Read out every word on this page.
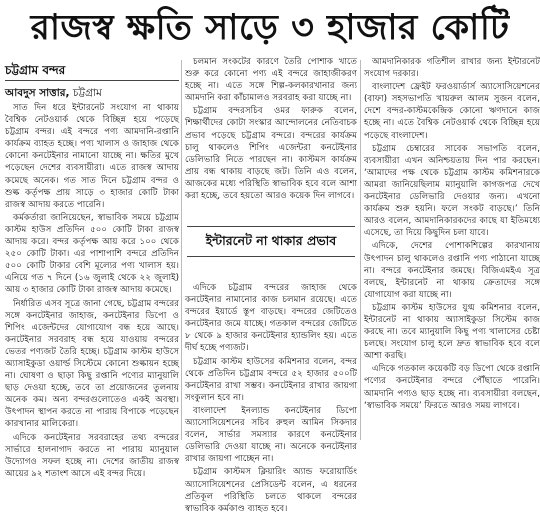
রাজস্ব ক্ষতি সাড়ে ৩ হাজার কোটি
চট্টগ্রাম বন্দর
আবদুস সাত্তার, চট্টগ্রাম

সাত দিন ধরে ইন্টারনেট সংযোগ না থাকায় বৈশ্বিক নেটওয়ার্ক থেকে বিচ্ছিন্ন হয়ে পড়েছে চট্টগ্রাম বন্দর। এই বন্দরে পণ্য আমদানি-রপ্তানি কার্যক্রম ব্যাহত হচ্ছে। পণ্য খালাস ও জাহাজ থেকে কোনো কনটেইনার নামানো যাচ্ছে না। ক্ষতির মুখে পড়েছেন দেশের ব্যবসায়ীরা। এতে রাজস্ব আদায় কমেছে অনেক। গত সাত দিনে চট্টগ্রাম বন্দর ও শুল্ক কর্তৃপক্ষ প্রায় সাড়ে ৩ হাজার কোটি টাকা রাজস্ব আদায় করতে পারেনি।

কর্মকর্তারা জানিয়েছেন, স্বাভাবিক সময়ে চট্টগ্রাম কাস্টম হাউস প্রতিদিন ৫০০ কোটি টাকা রাজস্ব আদায় করে। বন্দর কর্তৃপক্ষ আয় করে ১০০ থেকে ২৫০ কোটি টাকা। এর পাশাপাশি বন্দরে প্রতিদিন ৫০০ কোটি টাকার বেশি মূল্যের পণ্য খালাস হয়। এনিয়ে গত ৭ দিনে (১৬ জুলাই থেকে ২২ জুলাই) আয় ৩ হাজার কোটি টাকা রাজস্ব আদায় কমেছে।

নির্ধারিত এসব সূত্রে জানা গেছে, চট্টগ্রাম বন্দরের সঙ্গে কনটেইনার জাহাজ, কনটেইনার ডিপো ও শিপিং এজেন্টদের যোগাযোগ বন্ধ হয়ে আছে। কনটেইনার সরবরাহ বন্ধ হয়ে যাওয়ায় বন্দরের ভেতর পণ্যজট তৈরি হচ্ছে। চট্টগ্রাম কাস্টম হাউসে অ্যাসাইকুডা ওয়ার্ল্ড সিস্টেমে কোনো শুল্কায়ন হচ্ছে না। ঘোষণা ও ছাড়া কিছু রপ্তানি পণ্যের ম্যানুয়ালি ছাড় দেওয়া হচ্ছে, তবে তা প্রয়োজনের তুলনায় অনেক কম। অন্য বন্দরগুলোতেও একই অবস্থা। উৎপাদন স্থাপন করতে না পারায় বিপাকে পড়েছেন কারখানার মালিকেরা।

এদিকে কনটেইনার সরবরাহের তথ্য বন্দরের সার্ভারে হালনাগাদ করতে না পারায় ম্যানুয়াল উদ্যোগও সফল হচ্ছে না। দেশের জাতীয় রাজস্ব আয়ের ৯২ শতাংশ আসে এই বন্দর দিয়ে।

চলমান সংকটের কারণে তৈরি পোশাক খাতে শুরু করে কোনো পণ্য এই বন্দরে জাহাজীকরণ হচ্ছে না। এতে সঙ্গে শিল্প-কলকারখানার জন্য আমদানি করা কাঁচামালও সরবরাহ করা যাচ্ছে না।

চট্টগ্রাম বন্দরসচিব ওমর ফারুক বলেন, শিক্ষার্থীদের কোটা সংস্কার আন্দোলনের নেতিবাচক প্রভাব পড়েছে চট্টগ্রাম বন্দরে। বন্দরের কার্যক্রম চালু থাকলেও শিপিং এজেন্টরা কনটেইনার ডেলিভারি নিতে পারছেন না। কাস্টমস কার্যক্রম প্রায় বন্ধ থাকায় বাড়ছে জট। তিনি এও বলেন, আজকের মধ্যে পরিস্থিতি স্বাভাবিক হবে বলে আশা করা হচ্ছে, তবে হয়তো আরও কয়েক দিন লাগবে।

এদিকে চট্টগ্রাম বন্দরের জাহাজ থেকে কনটেইনার নামানোর কাজ চলমান রয়েছে। এতে বন্দরের ইয়ার্ডে স্তূপ বাড়ছে। বন্দরের জেটিতেও কনটেইনার জমে যাচ্ছে। গতকাল বন্দরের জেটিতে ৮ থেকে ৯ হাজার কনটেইনার হ্যান্ডলিং হয়। এতে দীর্ঘ হচ্ছে পণ্যজট।

চট্টগ্রাম কাস্টম হাউসের কমিশনার বলেন, বন্দর থেকে প্রতিদিন চট্টগ্রাম বন্দরে ৫২ হাজার ৫০০টি কনটেইনার রাখা সম্ভব। কনটেইনার রাখার জায়গা সংকুলান হবে না।

বাংলাদেশ ইনল্যান্ড কনটেইনার ডিপো অ্যাসোসিয়েশনের সচিব রুহুল আমিন সিকদার বলেন, সার্ভার সমস্যার কারণে কনটেইনার ডেলিভারি দেওয়া যাচ্ছে না। অনেকে কনটেইনার রাখার জায়গা পাচ্ছেন না।

চট্টগ্রাম কাস্টমস ক্লিয়ারিং অ্যান্ড ফরোয়ার্ডিং অ্যাসোসিয়েশনের প্রেসিডেন্ট বলেন, এ ধরনের প্রতিকূল পরিস্থিতি চলতে থাকলে বন্দরের স্বাভাবিক কর্মকাণ্ড ব্যাহত হবে।

ইন্টারনেট না থাকার প্রভাব

আমদানিকারক গতিশীল রাখার জন্য ইন্টারনেট সংযোগ দরকার।

বাংলাদেশ ফ্রেইট ফরওয়ার্ডার্স অ্যাসোসিয়েশনের (বাফা) সহসভাপতি খায়রুল আলম সুজন বলেন, দেশে বন্দর-কাস্টমকেন্দ্রিক কোনো ঋণদানে কাজ হচ্ছে না। এতে বৈশ্বিক নেটওয়ার্ক থেকে বিচ্ছিন্ন হয়ে পড়েছে বাংলাদেশ।

চট্টগ্রাম চেম্বারের সাবেক সভাপতি বলেন, ব্যবসায়ীরা এখন অনিশ্চয়তায় দিন পার করছেন। ‘আমাদের পক্ষ থেকে চট্টগ্রাম কাস্টম কমিশনারকে আমরা জানিয়েছিলাম ম্যানুয়ালি কাগজপত্র দেখে কনটেইনার ডেলিভারি দেওয়ার জন্য। এখনো কার্যক্রম শুরু হয়নি। ফলে সংকট বাড়ছে।’ তিনি আরও বলেন, আমদানিকারকদের কাছে যা ইতিমধ্যে এসেছে, তা দিয়ে কিছুদিন চলা যাবে।

এদিকে, দেশের পোশাকশিল্পের কারখানায় উৎপাদন চালু থাকলেও রপ্তানি পণ্য পাঠানো যাচ্ছে না। বন্দরে কনটেইনার জমছে। বিজিএমইএ সূত্র বলছে, ইন্টারনেট না থাকায় ক্রেতাদের সঙ্গে যোগাযোগ করা যাচ্ছে না।

চট্টগ্রাম কাস্টম হাউসের যুগ্ম কমিশনার বলেন, ইন্টারনেট না থাকায় অ্যাসাইকুডা সিস্টেম কাজ করছে না। তবে ম্যানুয়ালি কিছু পণ্য খালাসের চেষ্টা চলছে। সংযোগ চালু হলে দ্রুত স্বাভাবিক হবে বলে আশা করছি।

এদিকে গতকাল কয়েকটি বড় ডিপো থেকে রপ্তানি পণ্যের কনটেইনার বন্দরে পৌঁছাতে পারেনি। আমদানি পণ্যও ছাড় হচ্ছে না। ব্যবসায়ীরা বলছেন, ‘স্বাভাবিক সময়ে’ ফিরতে আরও সময় লাগবে।
